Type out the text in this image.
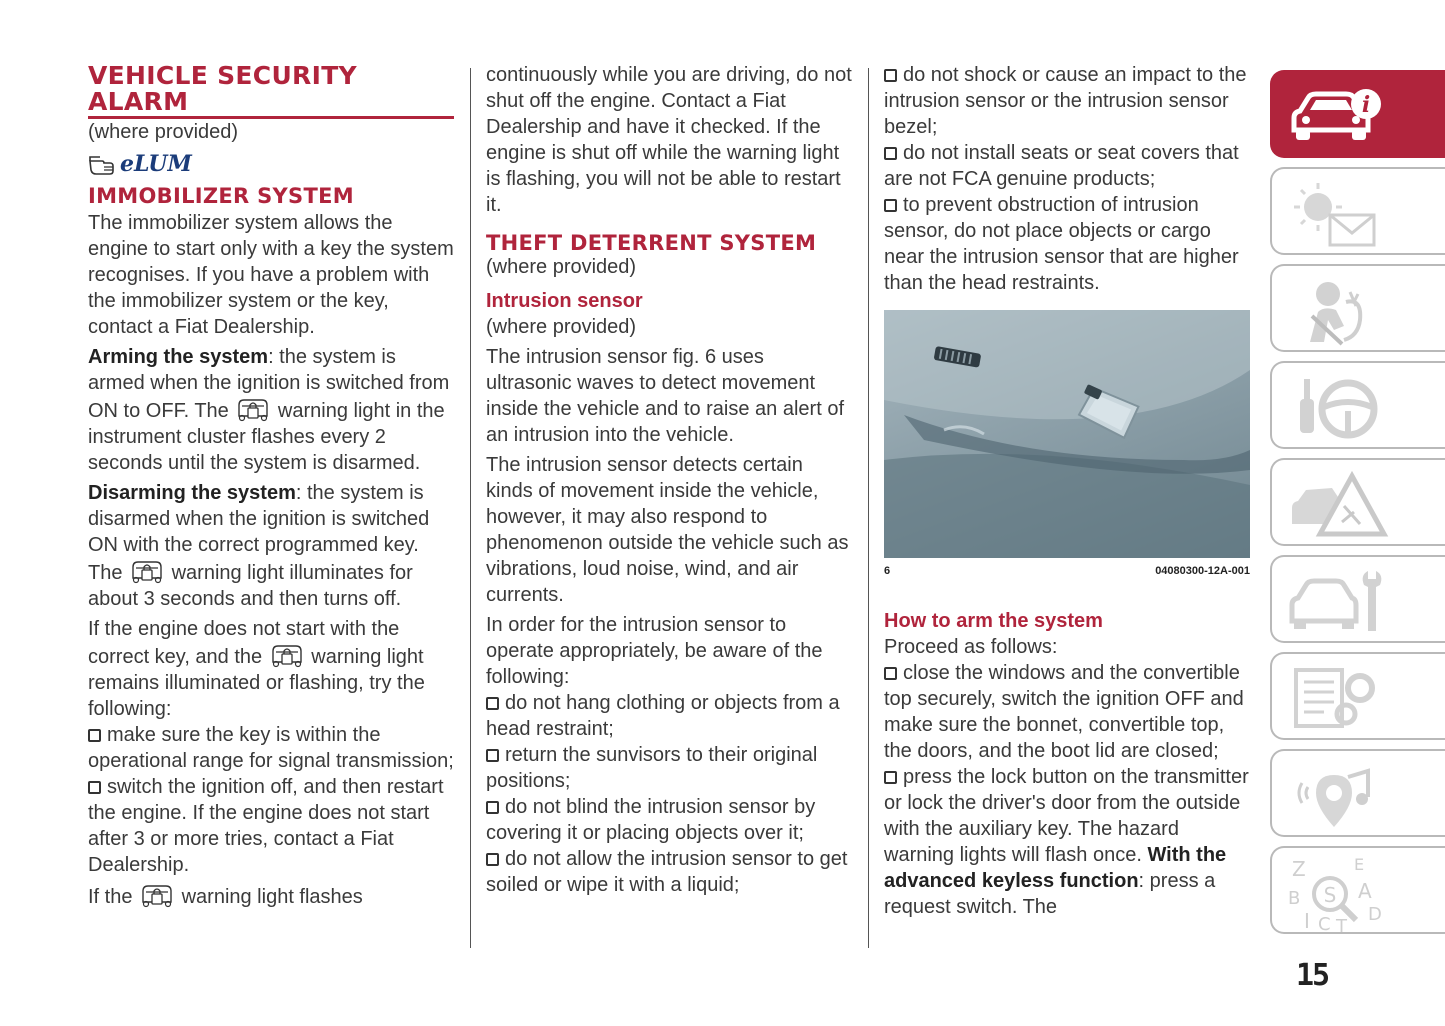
VEHICLE SECURITY ALARM

(where provided)

eLUM
IMMOBILIZER SYSTEM

The immobilizer system allows the engine to start only with a key the system recognises. If you have a problem with the immobilizer system or the key, contact a Fiat Dealership.

Arming the system: the system is armed when the ignition is switched from ON to OFF. The  warning light in the instrument cluster flashes every 2 seconds until the system is disarmed.

Disarming the system: the system is disarmed when the ignition is switched ON with the correct programmed key. The  warning light illuminates for about 3 seconds and then turns off.

If the engine does not start with the correct key, and the  warning light remains illuminated or flashing, try the following:

make sure the key is within the operational range for signal transmission;

switch the ignition off, and then restart the engine. If the engine does not start after 3 or more tries, contact a Fiat Dealership.

If the  warning light flashes

continuously while you are driving, do not shut off the engine. Contact a Fiat Dealership and have it checked. If the engine is shut off while the warning light is flashing, you will not be able to restart it.

THEFT DETERRENT SYSTEM

(where provided)

Intrusion sensor

(where provided)

The intrusion sensor fig. 6 uses ultrasonic waves to detect movement inside the vehicle and to raise an alert of an intrusion into the vehicle.

The intrusion sensor detects certain kinds of movement inside the vehicle, however, it may also respond to phenomenon outside the vehicle such as vibrations, loud noise, wind, and air currents.

In order for the intrusion sensor to operate appropriately, be aware of the following:

do not hang clothing or objects from a head restraint;

return the sunvisors to their original positions;

do not blind the intrusion sensor by covering it or placing objects over it;

do not allow the intrusion sensor to get soiled or wipe it with a liquid;

do not shock or cause an impact to the intrusion sensor or the intrusion sensor bezel;

do not install seats or seat covers that are not FCA genuine products;

to prevent obstruction of intrusion sensor, do not place objects or cargo near the intrusion sensor that are higher than the head restraints.

6	04080300-12A-001
How to arm the system

Proceed as follows:

close the windows and the convertible top securely, switch the ignition OFF and make sure the bonnet, convertible top, the doors, and the boot lid are closed;

press the lock button on the transmitter or lock the driver's door from the outside with the auxiliary key. The hazard warning lights will flash once. With the advanced keyless function: press a request switch. The

i
Z	E
B	A
I C T
D
S
15
